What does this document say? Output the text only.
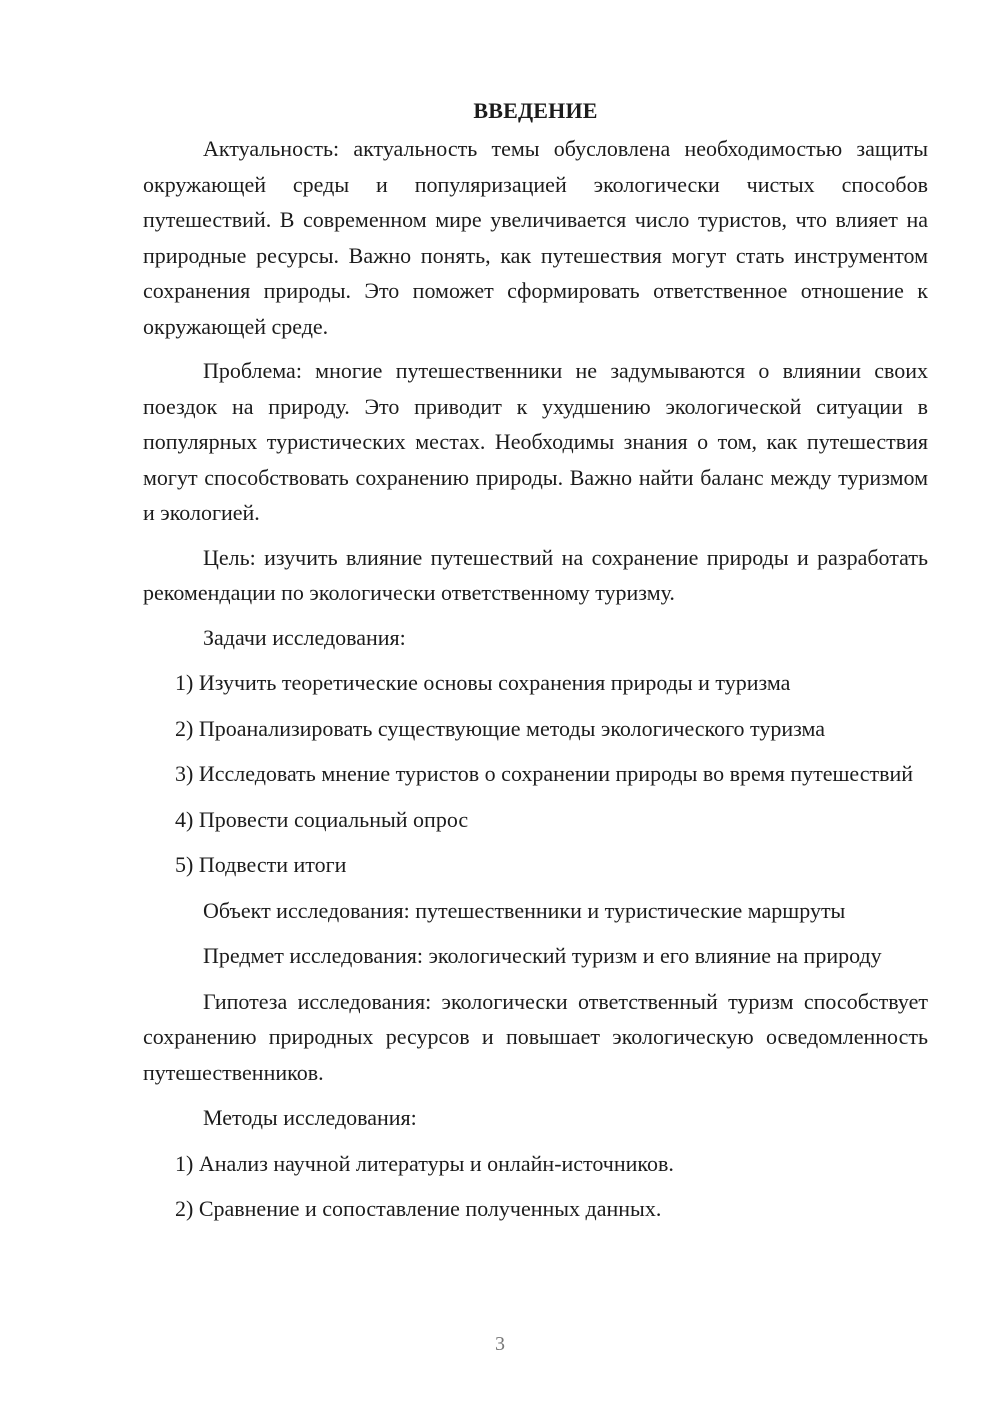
ВВЕДЕНИЕ

Актуальность: актуальность темы обусловлена необходимостью защиты окружающей среды и популяризацией экологически чистых способов путешествий. В современном мире увеличивается число туристов, что влияет на природные ресурсы. Важно понять, как путешествия могут стать инструментом сохранения природы. Это поможет сформировать ответственное отношение к окружающей среде.

Проблема: многие путешественники не задумываются о влиянии своих поездок на природу. Это приводит к ухудшению экологической ситуации в популярных туристических местах. Необходимы знания о том, как путешествия могут способствовать сохранению природы. Важно найти баланс между туризмом и экологией.

Цель: изучить влияние путешествий на сохранение природы и разработать рекомендации по экологически ответственному туризму.

Задачи исследования:

1) Изучить теоретические основы сохранения природы и туризма

2) Проанализировать существующие методы экологического туризма

3) Исследовать мнение туристов о сохранении природы во время путешествий

4) Провести социальный опрос

5) Подвести итоги

Объект исследования: путешественники и туристические маршруты

Предмет исследования: экологический туризм и его влияние на природу

Гипотеза исследования: экологически ответственный туризм способствует сохранению природных ресурсов и повышает экологическую осведомленность путешественников.

Методы исследования:

1) Анализ научной литературы и онлайн-источников.

2) Сравнение и сопоставление полученных данных.

3
